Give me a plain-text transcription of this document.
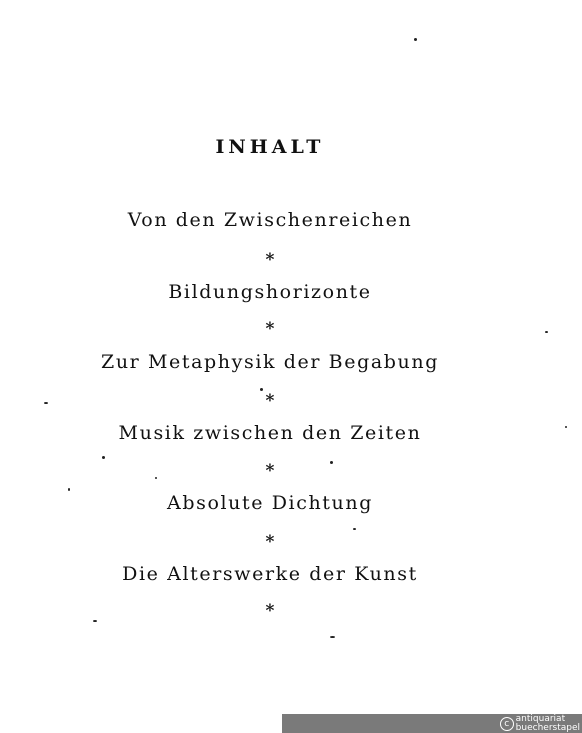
INHALT
Von den Zwischenreichen
*
Bildungshorizonte
*
Zur Metaphysik der Begabung
*
Musik zwischen den Zeiten
*
Absolute Dichtung
*
Die Alterswerke der Kunst
*
c antiquariat
buecherstapel
